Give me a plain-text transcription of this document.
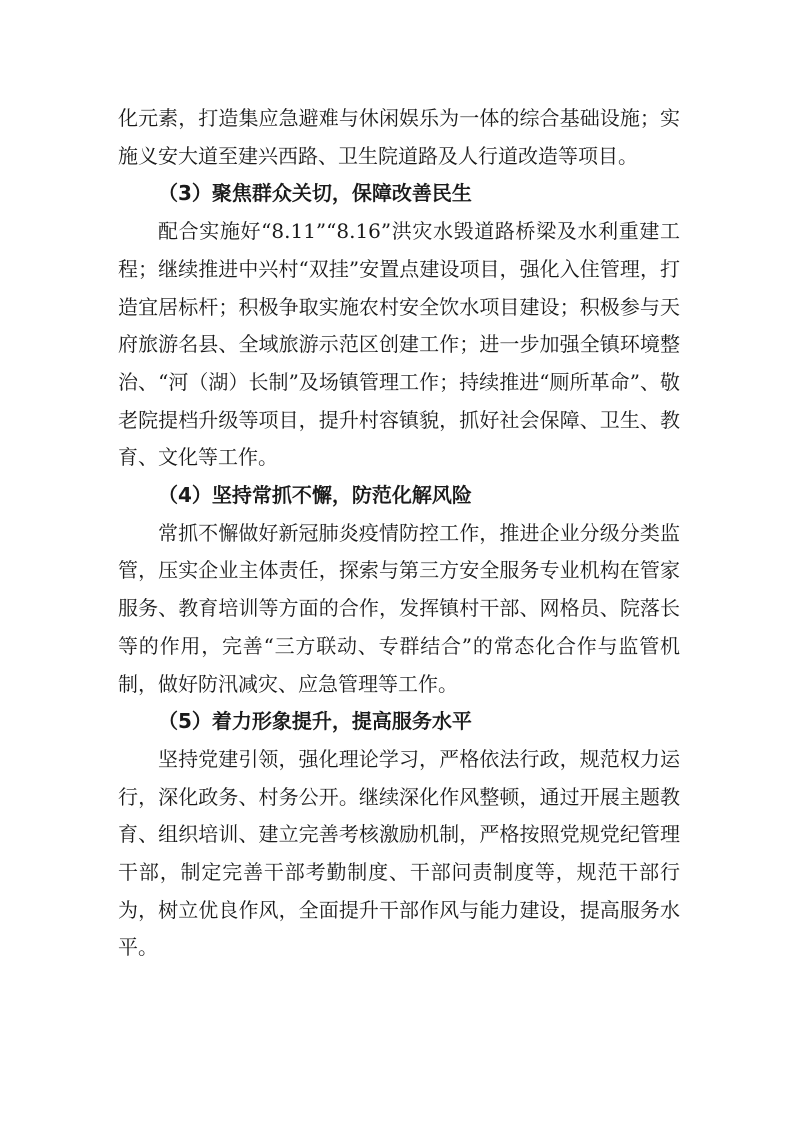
化元素，打造集应急避难与休闲娱乐为一体的综合基础设施；实施义安大道至建兴西路、卫生院道路及人行道改造等项目。

（3）聚焦群众关切，保障改善民生

配合实施好“8.11”“8.16”洪灾水毁道路桥梁及水利重建工程；继续推进中兴村“双挂”安置点建设项目，强化入住管理，打造宜居标杆；积极争取实施农村安全饮水项目建设；积极参与天府旅游名县、全域旅游示范区创建工作；进一步加强全镇环境整治、“河（湖）长制”及场镇管理工作；持续推进“厕所革命”、敬老院提档升级等项目，提升村容镇貌，抓好社会保障、卫生、教育、文化等工作。

（4）坚持常抓不懈，防范化解风险

常抓不懈做好新冠肺炎疫情防控工作，推进企业分级分类监管，压实企业主体责任，探索与第三方安全服务专业机构在管家服务、教育培训等方面的合作，发挥镇村干部、网格员、院落长等的作用，完善“三方联动、专群结合”的常态化合作与监管机制，做好防汛减灾、应急管理等工作。

（5）着力形象提升，提高服务水平

坚持党建引领，强化理论学习，严格依法行政，规范权力运行，深化政务、村务公开。继续深化作风整顿，通过开展主题教育、组织培训、建立完善考核激励机制，严格按照党规党纪管理干部，制定完善干部考勤制度、干部问责制度等，规范干部行为，树立优良作风，全面提升干部作风与能力建设，提高服务水平。
